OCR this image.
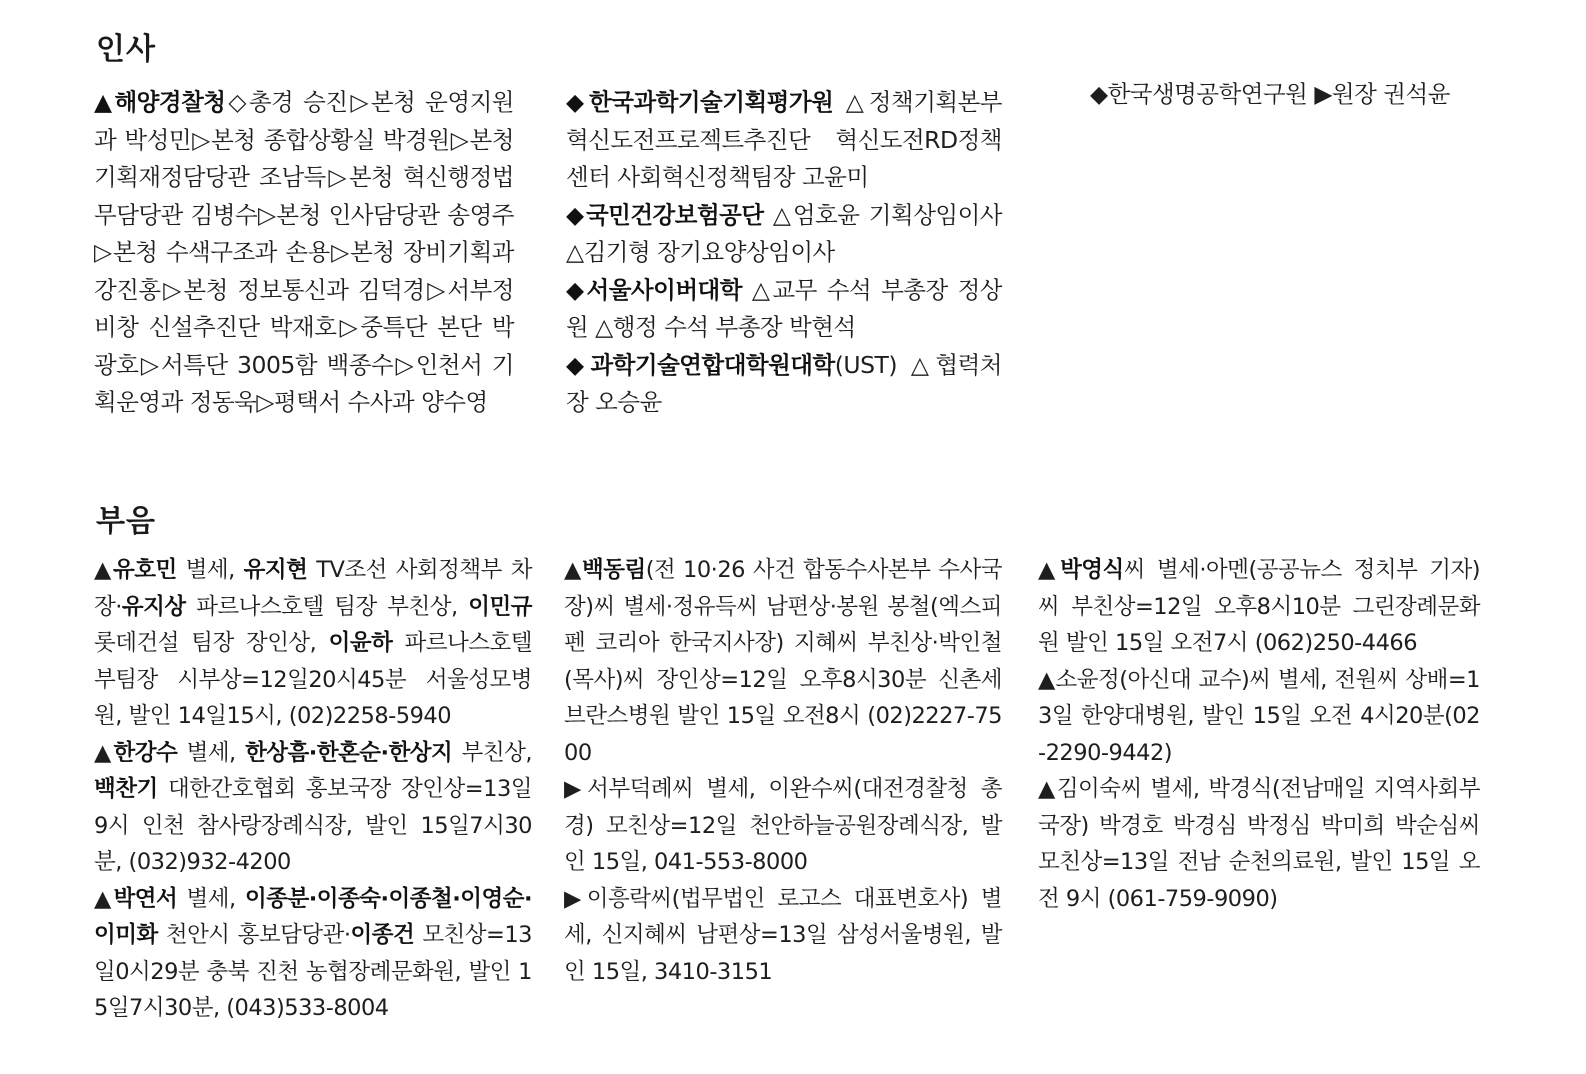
인사

▲해양경찰청◇총경 승진▷본청 운영지원과 박성민▷본청 종합상황실 박경원▷본청 기획재정담당관 조남득▷본청 혁신행정법무담당관 김병수▷본청 인사담당관 송영주▷본청 수색구조과 손용▷본청 장비기획과 강진홍▷본청 정보통신과 김덕경▷서부정비창 신설추진단 박재호▷중특단 본단 박광호▷서특단 3005함 백종수▷인천서 기획운영과 정동욱▷평택서 수사과 양수영

◆한국과학기술기획평가원 △정책기획본부 혁신도전프로젝트추진단 혁신도전RD정책센터 사회혁신정책팀장 고윤미

◆국민건강보험공단 △엄호윤 기획상임이사 △김기형 장기요양상임이사

◆서울사이버대학 △교무 수석 부총장 정상원 △행정 수석 부총장 박현석

◆과학기술연합대학원대학(UST) △협력처장 오승윤

◆한국생명공학연구원 ▶원장 권석윤

부음

▲유호민 별세, 유지현 TV조선 사회정책부 차장·유지상 파르나스호텔 팀장 부친상, 이민규 롯데건설 팀장 장인상, 이윤하 파르나스호텔 부팀장 시부상=12일20시45분 서울성모병원, 발인 14일15시, (02)2258-5940

▲한강수 별세, 한상흠·한혼순·한상지 부친상, 백찬기 대한간호협회 홍보국장 장인상=13일9시 인천 참사랑장례식장, 발인 15일7시30분, (032)932-4200

▲박연서 별세, 이종분·이종숙·이종철·이영순·이미화 천안시 홍보담당관·이종건 모친상=13일0시29분 충북 진천 농협장례문화원, 발인 15일7시30분, (043)533-8004

▲백동림(전 10·26 사건 합동수사본부 수사국장)씨 별세·정유득씨 남편상·봉원 봉철(엑스피펜 코리아 한국지사장) 지혜씨 부친상·박인철(목사)씨 장인상=12일 오후8시30분 신촌세브란스병원 발인 15일 오전8시 (02)2227-7500

▶서부덕례씨 별세, 이완수씨(대전경찰청 총경) 모친상=12일 천안하늘공원장례식장, 발인 15일, 041-553-8000

▶이흥락씨(법무법인 로고스 대표변호사) 별세, 신지혜씨 남편상=13일 삼성서울병원, 발인 15일, 3410-3151

▲박영식씨 별세·아멘(공공뉴스 정치부 기자)씨 부친상=12일 오후8시10분 그린장례문화원 발인 15일 오전7시 (062)250-4466

▲소윤정(아신대 교수)씨 별세, 전원씨 상배=13일 한양대병원, 발인 15일 오전 4시20분(02-2290-9442)

▲김이숙씨 별세, 박경식(전남매일 지역사회부 국장) 박경호 박경심 박정심 박미희 박순심씨 모친상=13일 전남 순천의료원, 발인 15일 오전 9시 (061-759-9090)
